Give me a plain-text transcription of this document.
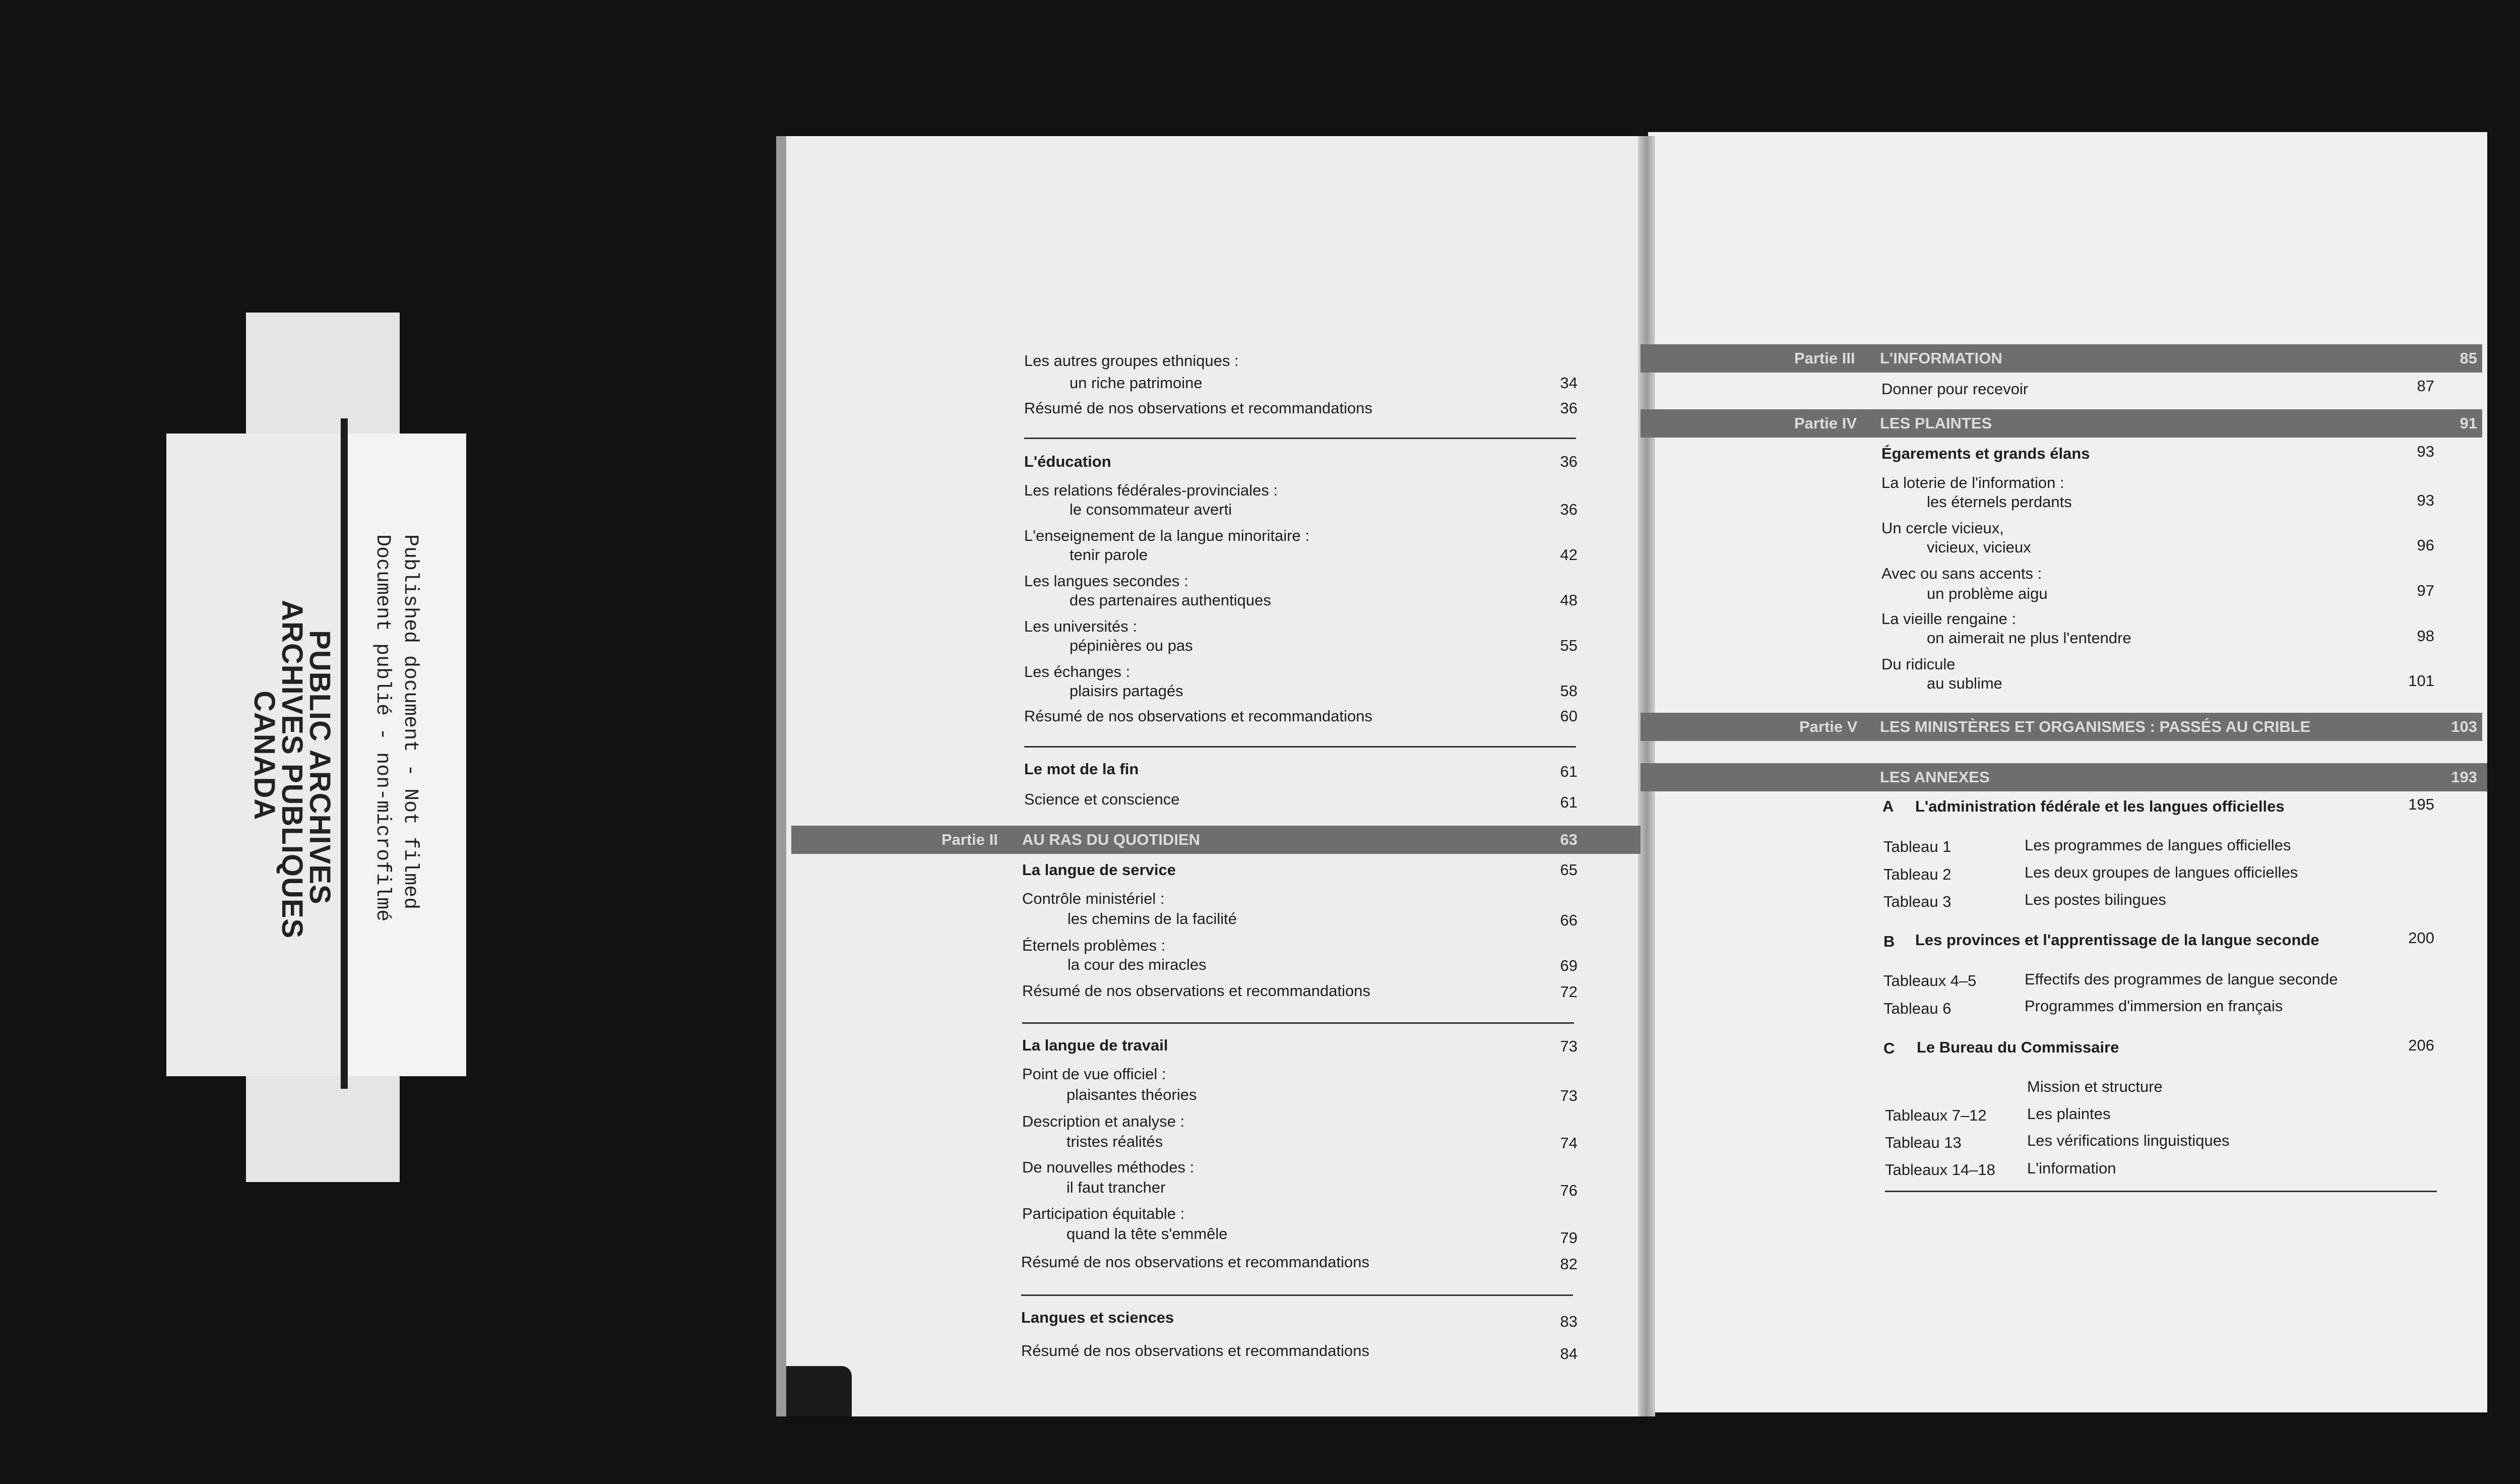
PUBLIC ARCHIVES
ARCHIVES PUBLIQUES
CANADA	Published document - Not filmed
Document publié - non-microfilmé
Les autres groupes ethniques :
un riche patrimoine	34
Résumé de nos observations et recommandations	36
L'éducation	36
Les relations fédérales-provinciales :
le consommateur averti	36
L'enseignement de la langue minoritaire :
tenir parole	42
Les langues secondes :
des partenaires authentiques	48
Les universités :
pépinières ou pas	55
Les échanges :
plaisirs partagés	58
Résumé de nos observations et recommandations	60
Le mot de la fin	61
Science et conscience	61
Partie II AU RAS DU QUOTIDIEN	63
La langue de service	65
Contrôle ministériel :
les chemins de la facilité	66
Éternels problèmes :
la cour des miracles	69
Résumé de nos observations et recommandations	72
La langue de travail	73
Point de vue officiel :
plaisantes théories	73
Description et analyse :
tristes réalités	74
De nouvelles méthodes :
il faut trancher	76
Participation équitable :
quand la tête s'emmêle	79
Résumé de nos observations et recommandations	82
Langues et sciences	83
Résumé de nos observations et recommandations	84
Partie III L'INFORMATION	85
Donner pour recevoir	87
Partie IV LES PLAINTES	91
Égarements et grands élans	93
La loterie de l'information :
les éternels perdants	93
Un cercle vicieux,
vicieux, vicieux	96
Avec ou sans accents :
un problème aigu	97
La vieille rengaine :
on aimerait ne plus l'entendre	98
Du ridicule
au sublime	101
Partie V LES MINISTÈRES ET ORGANISMES : PASSÉS AU CRIBLE	103
LES ANNEXES	193
A L'administration fédérale et les langues officielles	195
Tableau 1	Les programmes de langues officielles
Tableau 2	Les deux groupes de langues officielles
Tableau 3	Les postes bilingues
B Les provinces et l'apprentissage de la langue seconde	200
Tableaux 4–5	Effectifs des programmes de langue seconde
Tableau 6	Programmes d'immersion en français
C Le Bureau du Commissaire	206
Mission et structure
Tableaux 7–12	Les plaintes
Tableau 13	Les vérifications linguistiques
Tableaux 14–18 L'information
